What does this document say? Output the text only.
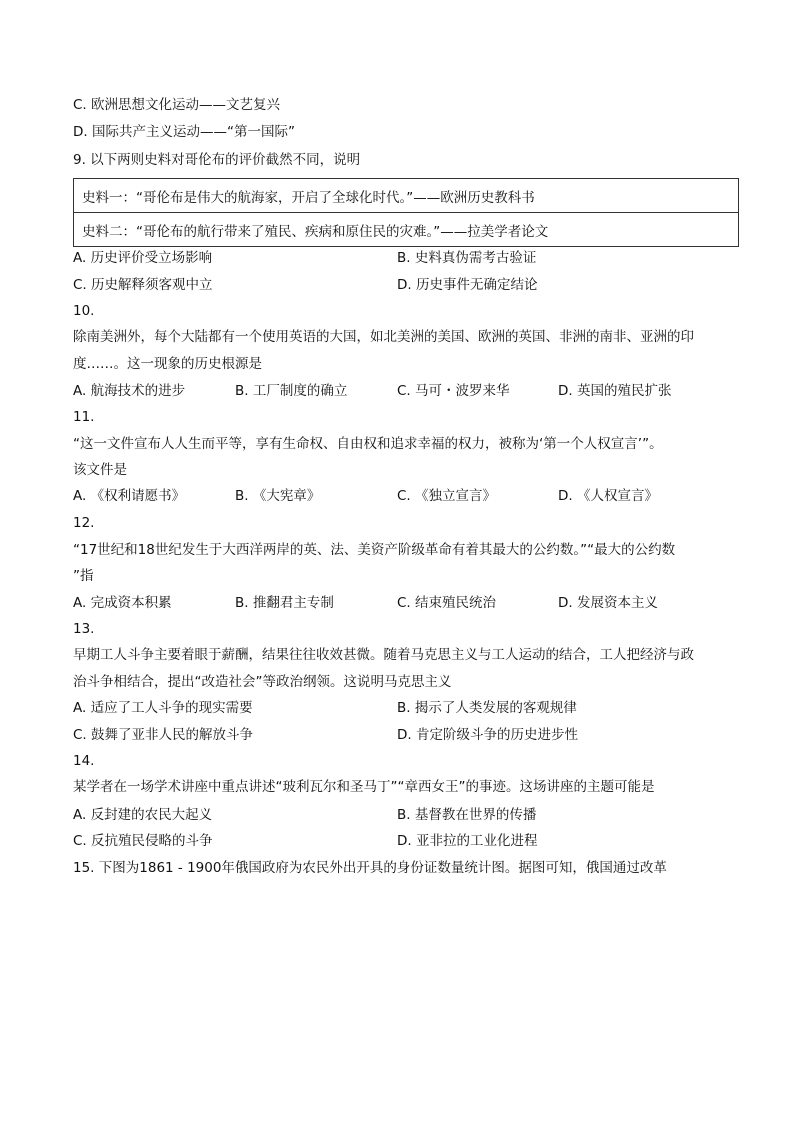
C. 欧洲思想文化运动——文艺复兴
D. 国际共产主义运动——“第一国际”
9. 以下两则史料对哥伦布的评价截然不同，说明
史料一：“哥伦布是伟大的航海家，开启了全球化时代。”——欧洲历史教科书
史料二：“哥伦布的航行带来了殖民、疾病和原住民的灾难。”——拉美学者论文
A. 历史评价受立场影响	B. 史料真伪需考古验证
C. 历史解释须客观中立	D. 历史事件无确定结论
10.
除南美洲外，每个大陆都有一个使用英语的大国，如北美洲的美国、欧洲的英国、非洲的南非、亚洲的印
度……。这一现象的历史根源是
A. 航海技术的进步	B. 工厂制度的确立	C. 马可・波罗来华	D. 英国的殖民扩张
11.
“这一文件宣布人人生而平等，享有生命权、自由权和追求幸福的权力，被称为‘第一个人权宣言’”。
该文件是
A. 《权利请愿书》	B. 《大宪章》	C. 《独立宣言》	D. 《人权宣言》
12.
“17世纪和18世纪发生于大西洋两岸的英、法、美资产阶级革命有着其最大的公约数。”“最大的公约数
”指
A. 完成资本积累	B. 推翻君主专制	C. 结束殖民统治	D. 发展资本主义
13.
早期工人斗争主要着眼于薪酬，结果往往收效甚微。随着马克思主义与工人运动的结合，工人把经济与政
治斗争相结合，提出“改造社会”等政治纲领。这说明马克思主义
A. 适应了工人斗争的现实需要	B. 揭示了人类发展的客观规律
C. 鼓舞了亚非人民的解放斗争	D. 肯定阶级斗争的历史进步性
14.
某学者在一场学术讲座中重点讲述“玻利瓦尔和圣马丁”“章西女王”的事迹。这场讲座的主题可能是
A. 反封建的农民大起义	B. 基督教在世界的传播
C. 反抗殖民侵略的斗争	D. 亚非拉的工业化进程
15. 下图为1861 - 1900年俄国政府为农民外出开具的身份证数量统计图。据图可知，俄国通过改革
